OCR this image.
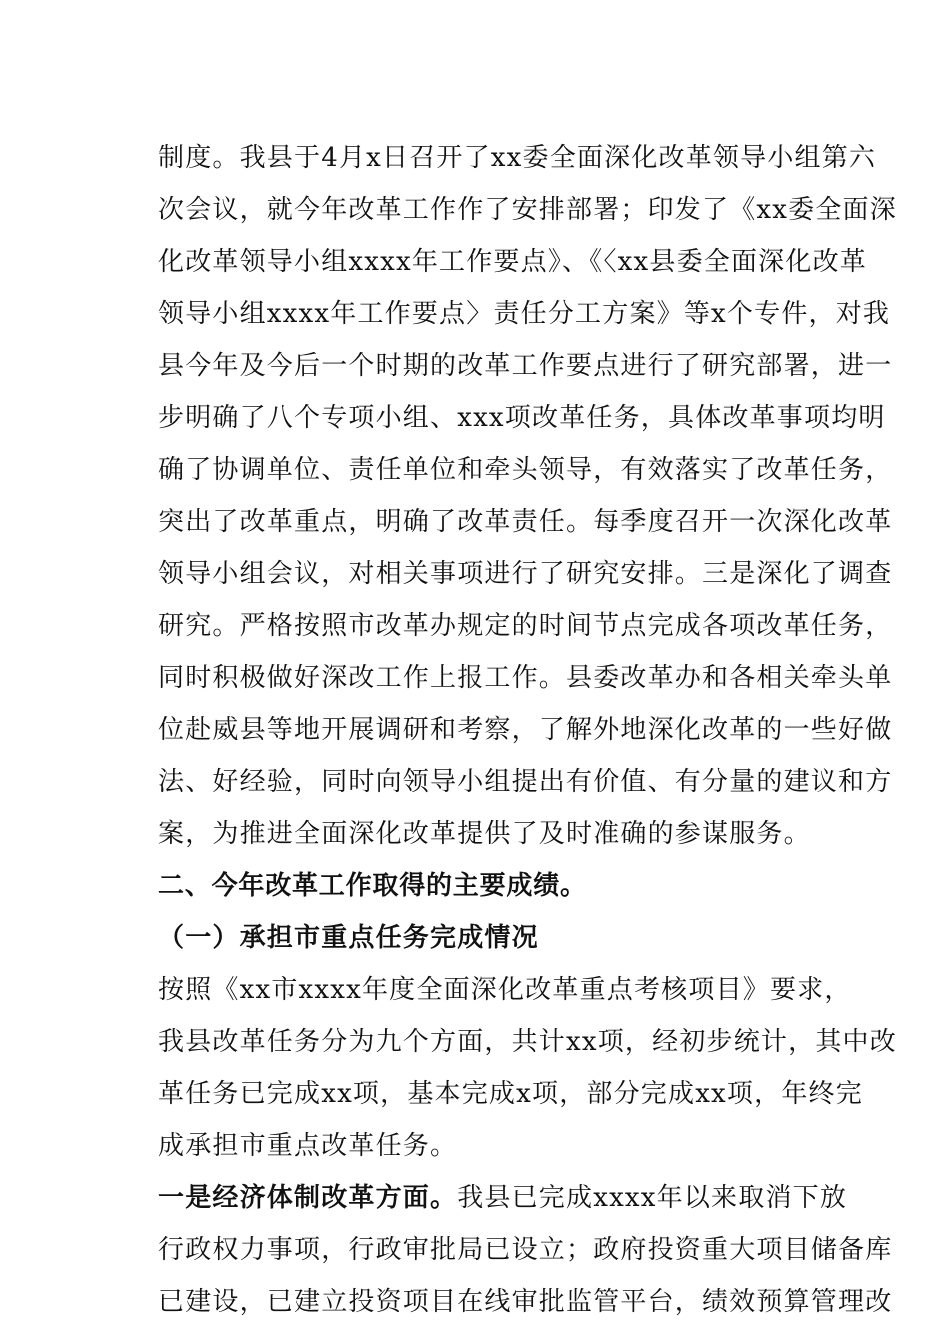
制度。我县于4月x日召开了xx委全面深化改革领导小组第六
次会议，就今年改革工作作了安排部署；印发了《xx委全面深
化改革领导小组xxxx年工作要点》、《〈xx县委全面深化改革
领导小组xxxx年工作要点〉责任分工方案》等x个专件，对我
县今年及今后一个时期的改革工作要点进行了研究部署，进一
步明确了八个专项小组、xxx项改革任务，具体改革事项均明
确了协调单位、责任单位和牵头领导，有效落实了改革任务，
突出了改革重点，明确了改革责任。每季度召开一次深化改革
领导小组会议，对相关事项进行了研究安排。三是深化了调查
研究。严格按照市改革办规定的时间节点完成各项改革任务，
同时积极做好深改工作上报工作。县委改革办和各相关牵头单
位赴威县等地开展调研和考察，了解外地深化改革的一些好做
法、好经验，同时向领导小组提出有价值、有分量的建议和方
案，为推进全面深化改革提供了及时准确的参谋服务。
二、今年改革工作取得的主要成绩。
（一）承担市重点任务完成情况
按照《xx市xxxx年度全面深化改革重点考核项目》要求，
我县改革任务分为九个方面，共计xx项，经初步统计，其中改
革任务已完成xx项，基本完成x项，部分完成xx项，年终完
成承担市重点改革任务。
一是经济体制改革方面。我县已完成xxxx年以来取消下放
行政权力事项，行政审批局已设立；政府投资重大项目储备库
已建设，已建立投资项目在线审批监管平台，绩效预算管理改
